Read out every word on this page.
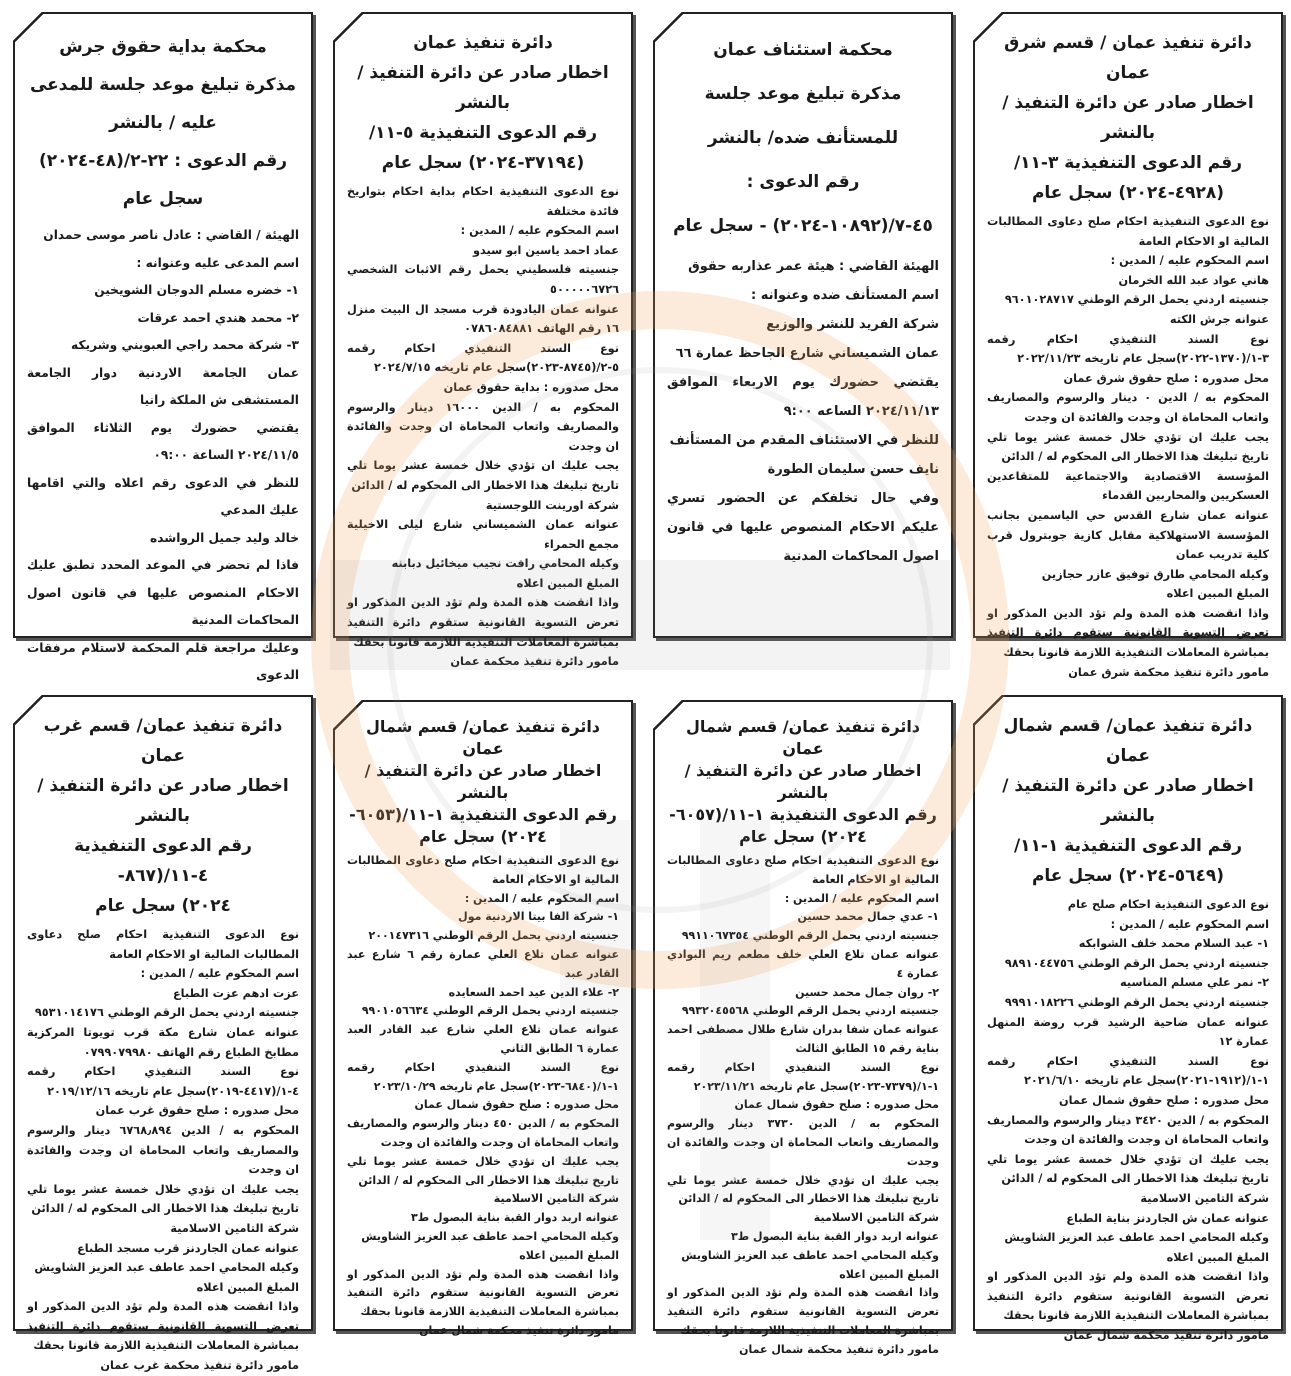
دائرة تنفيذ عمان / قسم شرق عمان
اخطار صادر عن دائرة التنفيذ / بالنشر
رقم الدعوى التنفيذية ٣-١١/
(٤٩٢٨-٢٠٢٤) سجل عام

نوع الدعوى التنفيذية احكام صلح دعاوى المطالبات المالية او الاحكام العامة

اسم المحكوم عليه / المدين :

هاني عواد عبد الله الخرمان

جنسيته اردني يحمل الرقم الوطني ٩٦٠١٠٢٨٧١٧

عنوانه جرش الكته

نوع السند التنفيذي احكام رقمه ٣-١/(١٣٧٠-٢٠٢٢)سجل عام تاريخه ٢٠٢٢/١١/٢٣

محل صدوره : صلح حقوق شرق عمان

المحكوم به / الدين ٠ دينار والرسوم والمصاريف واتعاب المحاماة ان وجدت والفائدة ان وجدت

يجب عليك ان تؤدي خلال خمسة عشر يوما تلي تاريخ تبليغك هذا الاخطار الى المحكوم له / الدائن

المؤسسة الاقتصادية والاجتماعية للمتقاعدين العسكريين والمحاربين القدماء

عنوانه عمان شارع القدس حي الياسمين بجانب المؤسسة الاستهلاكية مقابل كازية جوبترول قرب كلية تدريب عمان

وكيله المحامي طارق توفيق عازر حجازين

المبلغ المبين اعلاه

واذا انقضت هذه المدة ولم تؤد الدين المذكور او تعرض التسوية القانونية ستقوم دائرة التنفيذ بمباشرة المعاملات التنفيذية اللازمة قانونا بحقك

مامور دائرة تنفيذ محكمة شرق عمان

محكمة استئناف عمان
مذكرة تبليغ موعد جلسة للمستأنف ضده/ بالنشر
رقم الدعوى : ٤٥-٧/(١٠٨٩٢-٢٠٢٤) - سجل عام

الهيئة القاضي : هيئة عمر عذاربه حقوق

اسم المستأنف ضده وعنوانه :

شركة الفريد للنشر والوزيع

عمان الشميساني شارع الجاحظ عمارة ٦٦

يقتضي حضورك يوم الاربعاء الموافق ٢٠٢٤/١١/١٣ الساعه ٩:٠٠

للنظر في الاستئناف المقدم من المستأنف

نايف حسن سليمان الطورة

وفي حال تخلفكم عن الحضور تسري عليكم الاحكام المنصوص عليها في قانون اصول المحاكمات المدنية

دائرة تنفيذ عمان
اخطار صادر عن دائرة التنفيذ / بالنشر
رقم الدعوى التنفيذية ٥-١١/
(٣٧١٩٤-٢٠٢٤) سجل عام

نوع الدعوى التنفيذية احكام بداية احكام بتواريخ فائدة مختلفة

اسم المحكوم عليه / المدين :

عماد احمد ياسين ابو سيدو

جنسيته فلسطيني يحمل رقم الاثبات الشخصي ٥٠٠٠٠٠٦٧٢٦

عنوانه عمان اليادودة قرب مسجد ال البيت منزل ١٦ رقم الهاتف ٠٧٨٦٠٨٤٨٨١

نوع السند التنفيذي احكام رقمه ٥-٢/(٨٧٤٥-٢٠٢٣)سجل عام تاريخه ٢٠٢٤/٧/١٥

محل صدوره : بداية حقوق عمان

المحكوم به / الدين ١٦٠٠٠ دينار والرسوم والمصاريف واتعاب المحاماة ان وجدت والفائدة ان وجدت

يجب عليك ان تؤدي خلال خمسة عشر يوما تلي تاريخ تبليغك هذا الاخطار الى المحكوم له / الدائن

شركة اورينت اللوجستية

عنوانه عمان الشميساني شارع ليلى الاخيلية مجمع الحمراء

وكيله المحامي رافت نجيب ميخائيل دبابنه

المبلغ المبين اعلاه

واذا انقضت هذه المدة ولم تؤد الدين المذكور او تعرض التسوية القانونية ستقوم دائرة التنفيذ بمباشرة المعاملات التنفيذية اللازمة قانونا بحقك

مامور دائرة تنفيذ محكمة عمان

محكمة بداية حقوق جرش
مذكرة تبليغ موعد جلسة للمدعى عليه / بالنشر
رقم الدعوى : ٢٢-٢/(٤٨-٢٠٢٤)
سجل عام

الهيئة / القاضي : عادل ناصر موسى حمدان

اسم المدعى عليه وعنوانه :

١- خضره مسلم الدوجان الشويخين

٢- محمد هندي احمد عرقات

٣- شركة محمد راجي العبويني وشريكه

عمان الجامعة الاردنية دوار الجامعة المستشفى ش الملكة رانيا

يقتضي حضورك يوم الثلاثاء الموافق ٢٠٢٤/١١/٥ الساعة ٠٩:٠٠

للنظر في الدعوى رقم اعلاه والتي اقامها عليك المدعي

خالد وليد جميل الرواشده

فاذا لم تحضر في الموعد المحدد تطبق عليك الاحكام المنصوص عليها في قانون اصول المحاكمات المدنية

وعليك مراجعة قلم المحكمة لاستلام مرفقات الدعوى

دائرة تنفيذ عمان/ قسم شمال عمان
اخطار صادر عن دائرة التنفيذ / بالنشر
رقم الدعوى التنفيذية ١-١١/
(٥٦٤٩-٢٠٢٤) سجل عام

نوع الدعوى التنفيذية احكام صلح عام

اسم المحكوم عليه / المدين :

١- عبد السلام محمد خلف الشوابكه

جنسيته اردني يحمل الرقم الوطني ٩٨٩١٠٤٤٧٥٦

٢- نمر علي مسلم المناسيه

جنسيته اردني يحمل الرقم الوطني ٩٩٩١٠١٨٢٢٦

عنوانه عمان ضاحية الرشيد قرب روضة المنهل عمارة ١٢

نوع السند التنفيذي احكام رقمه ١-١/(١٩١٢-٢٠٢١)سجل عام تاريخه ٢٠٢١/٦/١٠

محل صدوره : صلح حقوق شمال عمان

المحكوم به / الدين ٣٤٢٠ دينار والرسوم والمصاريف واتعاب المحاماة ان وجدت والفائدة ان وجدت

يجب عليك ان تؤدي خلال خمسة عشر يوما تلي تاريخ تبليغك هذا الاخطار الى المحكوم له / الدائن

شركة التامين الاسلامية

عنوانه عمان ش الجاردنز بناية الطباع

وكيله المحامي احمد عاطف عبد العزيز الشاويش

المبلغ المبين اعلاه

واذا انقضت هذه المدة ولم تؤد الدين المذكور او تعرض التسوية القانونية ستقوم دائرة التنفيذ بمباشرة المعاملات التنفيذية اللازمة قانونا بحقك

مامور دائرة تنفيذ محكمة شمال عمان

دائرة تنفيذ عمان/ قسم شمال عمان
اخطار صادر عن دائرة التنفيذ / بالنشر
رقم الدعوى التنفيذية ١-١١/(٦٠٥٧-
٢٠٢٤) سجل عام

نوع الدعوى التنفيذية احكام صلح دعاوى المطالبات المالية او الاحكام العامة

اسم المحكوم عليه / المدين :

١- عدي جمال محمد حسين

جنسيته اردني يحمل الرقم الوطني ٩٩١١٠٦٧٣٥٤

عنوانه عمان تلاع العلي خلف مطعم ريم البوادي عمارة ٤

٢- روان جمال محمد حسين

جنسيته اردني يحمل الرقم الوطني ٩٩٣٢٠٤٥٥٦٨

عنوانه عمان شفا بدران شارع طلال مصطفى احمد بناية رقم ١٥ الطابق الثالث

نوع السند التنفيذي احكام رقمه ١-١/(٧٣٧٩-٢٠٢٣)سجل عام تاريخه ٢٠٢٣/١١/٢١

محل صدوره : صلح حقوق شمال عمان

المحكوم به / الدين ٣٧٣٠ دينار والرسوم والمصاريف واتعاب المحاماة ان وجدت والفائدة ان وجدت

يجب عليك ان تؤدي خلال خمسة عشر يوما تلي تاريخ تبليغك هذا الاخطار الى المحكوم له / الدائن

شركة التامين الاسلامية

عنوانه اربد دوار القبة بناية البصول ط٣

وكيله المحامي احمد عاطف عبد العزيز الشاويش

المبلغ المبين اعلاه

واذا انقضت هذه المدة ولم تؤد الدين المذكور او تعرض التسوية القانونية ستقوم دائرة التنفيذ بمباشرة المعاملات التنفيذية اللازمة قانونا بحقك

مامور دائرة تنفيذ محكمة شمال عمان

دائرة تنفيذ عمان/ قسم شمال عمان
اخطار صادر عن دائرة التنفيذ / بالنشر
رقم الدعوى التنفيذية ١-١١/(٦٠٥٣-
٢٠٢٤) سجل عام

نوع الدعوى التنفيذية احكام صلح دعاوى المطالبات المالية او الاحكام العامة

اسم المحكوم عليه / المدين :

١- شركة الفا بيتا الاردنية مول

جنسيته اردني يحمل الرقم الوطني ٢٠٠١٤٧٣١٦

عنوانه عمان تلاع العلي عمارة رقم ٦ شارع عبد القادر عبد

٢- علاء الدين عيد احمد السعايده

جنسيته اردني يحمل الرقم الوطني ٩٩٠١٠٥٦٦٣٤

عنوانه عمان تلاع العلي شارع عبد القادر العبد عمارة ٦ الطابق الثاني

نوع السند التنفيذي احكام رقمه ١-١/(٦٨٤٠-٢٠٢٣)سجل عام تاريخه ٢٠٢٣/١٠/٢٩

محل صدوره : صلح حقوق شمال عمان

المحكوم به / الدين ٤٥٠ دينار والرسوم والمصاريف واتعاب المحاماة ان وجدت والفائدة ان وجدت

يجب عليك ان تؤدي خلال خمسة عشر يوما تلي تاريخ تبليغك هذا الاخطار الى المحكوم له / الدائن

شركة التامين الاسلامية

عنوانه اربد دوار القبة بناية البصول ط٣

وكيله المحامي احمد عاطف عبد العزيز الشاويش

المبلغ المبين اعلاه

واذا انقضت هذه المدة ولم تؤد الدين المذكور او تعرض التسوية القانونية ستقوم دائرة التنفيذ بمباشرة المعاملات التنفيذية اللازمة قانونا بحقك

مامور دائرة تنفيذ محكمة شمال عمان

دائرة تنفيذ عمان/ قسم غرب عمان
اخطار صادر عن دائرة التنفيذ / بالنشر
رقم الدعوى التنفيذية ٤-١١/(٨٦٧-
٢٠٢٤) سجل عام

نوع الدعوى التنفيذية احكام صلح دعاوى المطالبات المالية او الاحكام العامة

اسم المحكوم عليه / المدين :

عزت ادهم عزت الطباع

جنسيته اردني يحمل الرقم الوطني ٩٥٣١٠١٤١٧٦

عنوانه عمان شارع مكة قرب تويوتا المركزية مطابخ الطباع رقم الهاتف ٠٧٩٩٠٧٩٩٨٠

نوع السند التنفيذي احكام رقمه ٤-١/(٤٤١٧-٢٠١٩)سجل عام تاريخه ٢٠١٩/١٢/١٦

محل صدوره : صلح حقوق غرب عمان

المحكوم به / الدين ٦٧٦٨٫٨٩٤ دينار والرسوم والمصاريف واتعاب المحاماة ان وجدت والفائدة ان وجدت

يجب عليك ان تؤدي خلال خمسة عشر يوما تلي تاريخ تبليغك هذا الاخطار الى المحكوم له / الدائن

شركة التامين الاسلامية

عنوانه عمان الجاردنز قرب مسجد الطباع

وكيله المحامي احمد عاطف عبد العزيز الشاويش

المبلغ المبين اعلاه

واذا انقضت هذه المدة ولم تؤد الدين المذكور او تعرض التسوية القانونية ستقوم دائرة التنفيذ بمباشرة المعاملات التنفيذية اللازمة قانونا بحقك

مامور دائرة تنفيذ محكمة غرب عمان
